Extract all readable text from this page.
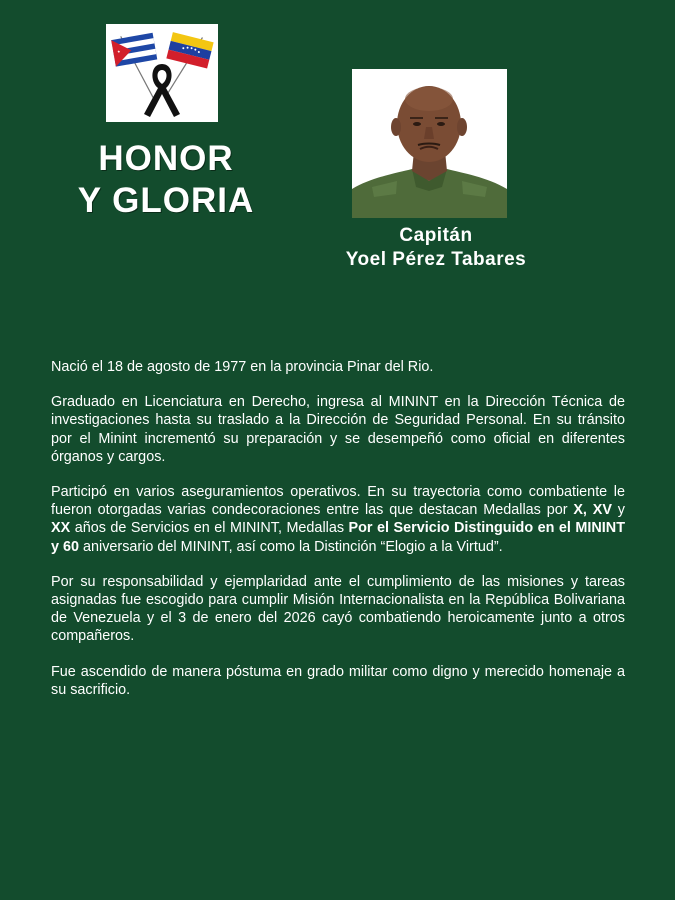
HONOR
Y GLORIA
Capitán
Yoel Pérez Tabares

Nació el 18 de agosto de 1977 en la provincia Pinar del Rio.

Graduado en Licenciatura en Derecho, ingresa al MININT en la Dirección Técnica de investigaciones hasta su traslado a la Dirección de Seguridad Personal. En su tránsito por el Minint incrementó su preparación y se desempeñó como oficial en diferentes órganos y cargos.

Participó en varios aseguramientos operativos. En su trayectoria como combatiente le fueron otorgadas varias condecoraciones entre las que destacan Medallas por X, XV y XX años de Servicios en el MININT, Medallas Por el Servicio Distinguido en el MININT y 60 aniversario del MININT, así como la Distinción “Elogio a la Virtud”.

Por su responsabilidad y ejemplaridad ante el cumplimiento de las misiones y tareas asignadas fue escogido para cumplir Misión Internacionalista en la República Bolivariana de Venezuela y el 3 de enero del 2026 cayó combatiendo heroicamente junto a otros compañeros.

Fue ascendido de manera póstuma en grado militar como digno y merecido homenaje a su sacrificio.
